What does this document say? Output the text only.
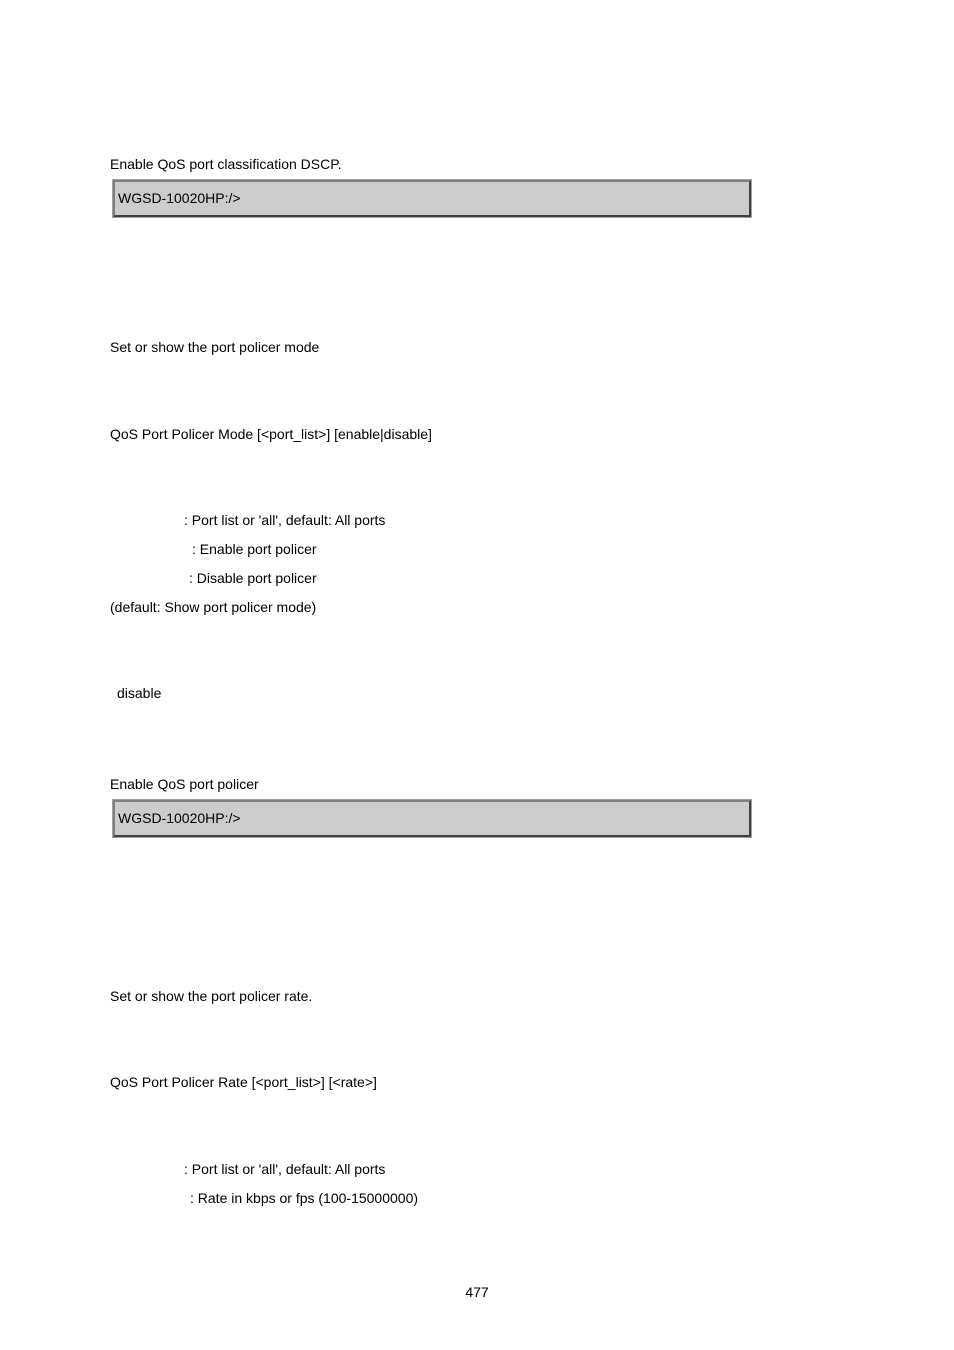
Enable QoS port classification DSCP.
WGSD-10020HP:/>
Set or show the port policer mode
QoS Port Policer Mode [<port_list>] [enable|disable]
: Port list or 'all', default: All ports
: Enable port policer
: Disable port policer
(default: Show port policer mode)
disable
Enable QoS port policer
WGSD-10020HP:/>
Set or show the port policer rate.
QoS Port Policer Rate [<port_list>] [<rate>]
: Port list or 'all', default: All ports
: Rate in kbps or fps (100-15000000)
477
